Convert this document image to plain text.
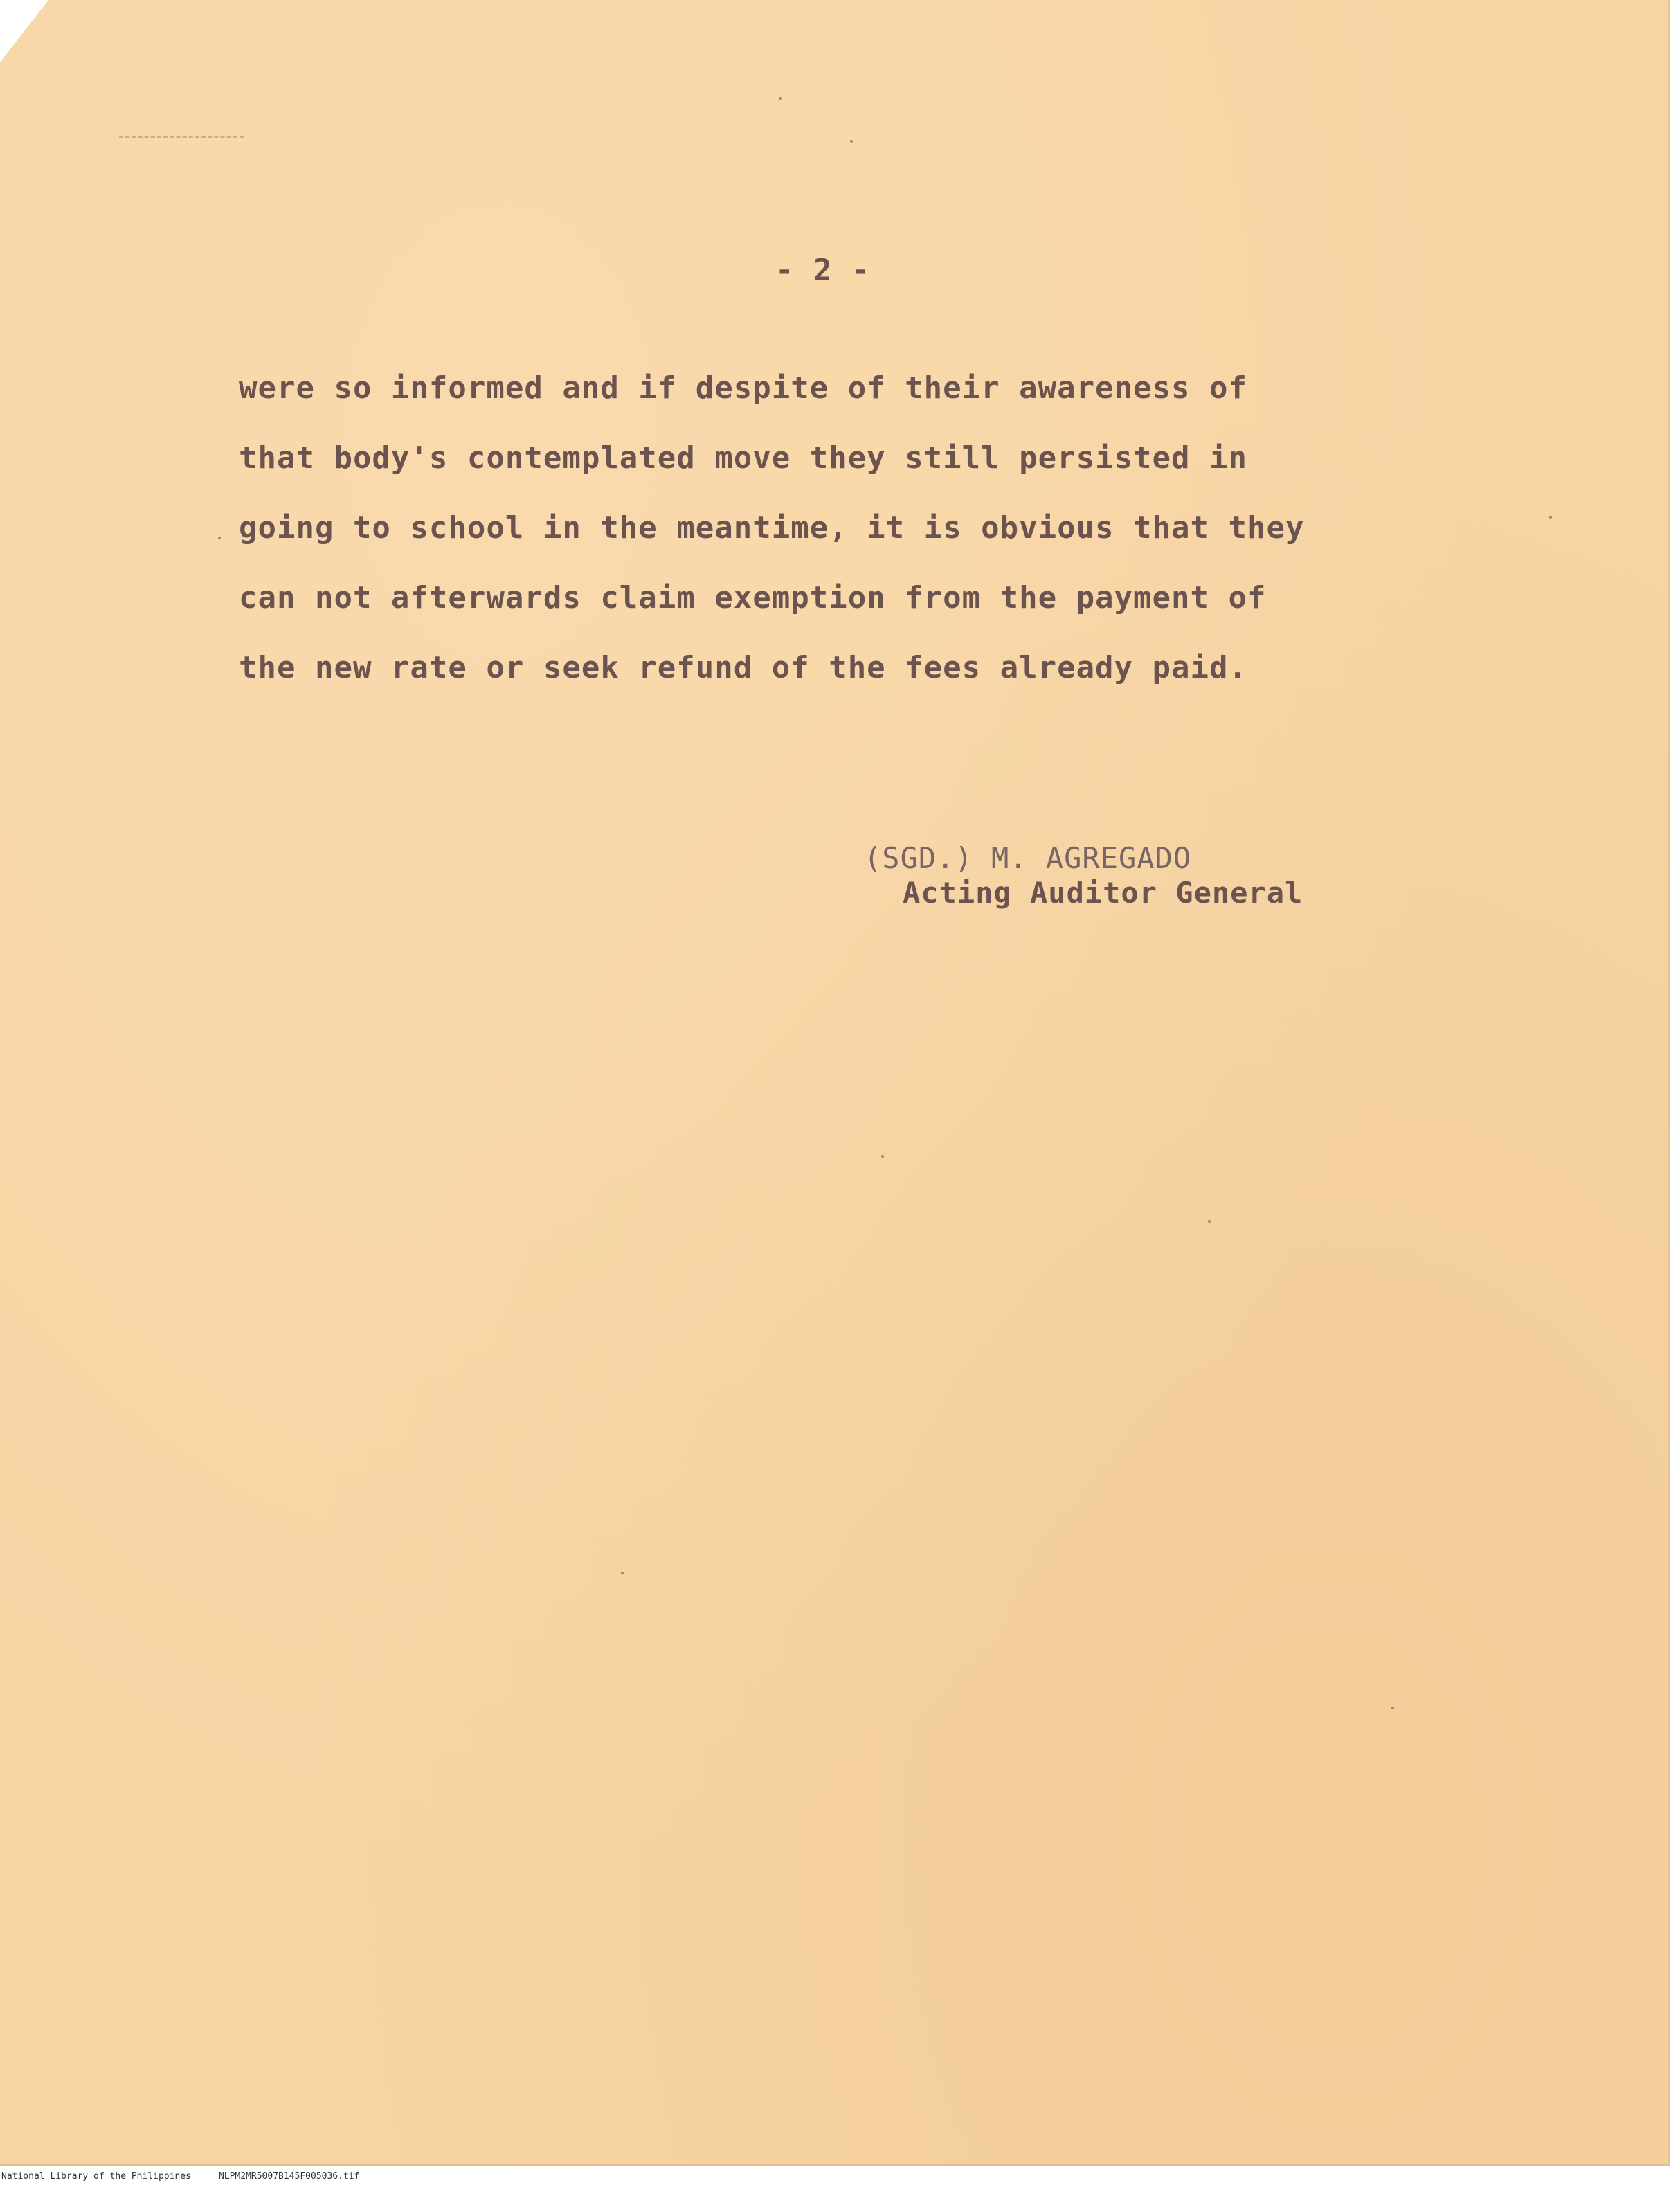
- 2 -
were so informed and if despite of their awareness of
that body's contemplated move they still persisted in
going to school in the meantime, it is obvious that they
can not afterwards claim exemption from the payment of
the new rate or seek refund of the fees already paid.
(SGD.) M. AGREGADO
Acting Auditor General
National Library of the Philippines	NLPM2MR5007B145F005036.tif
